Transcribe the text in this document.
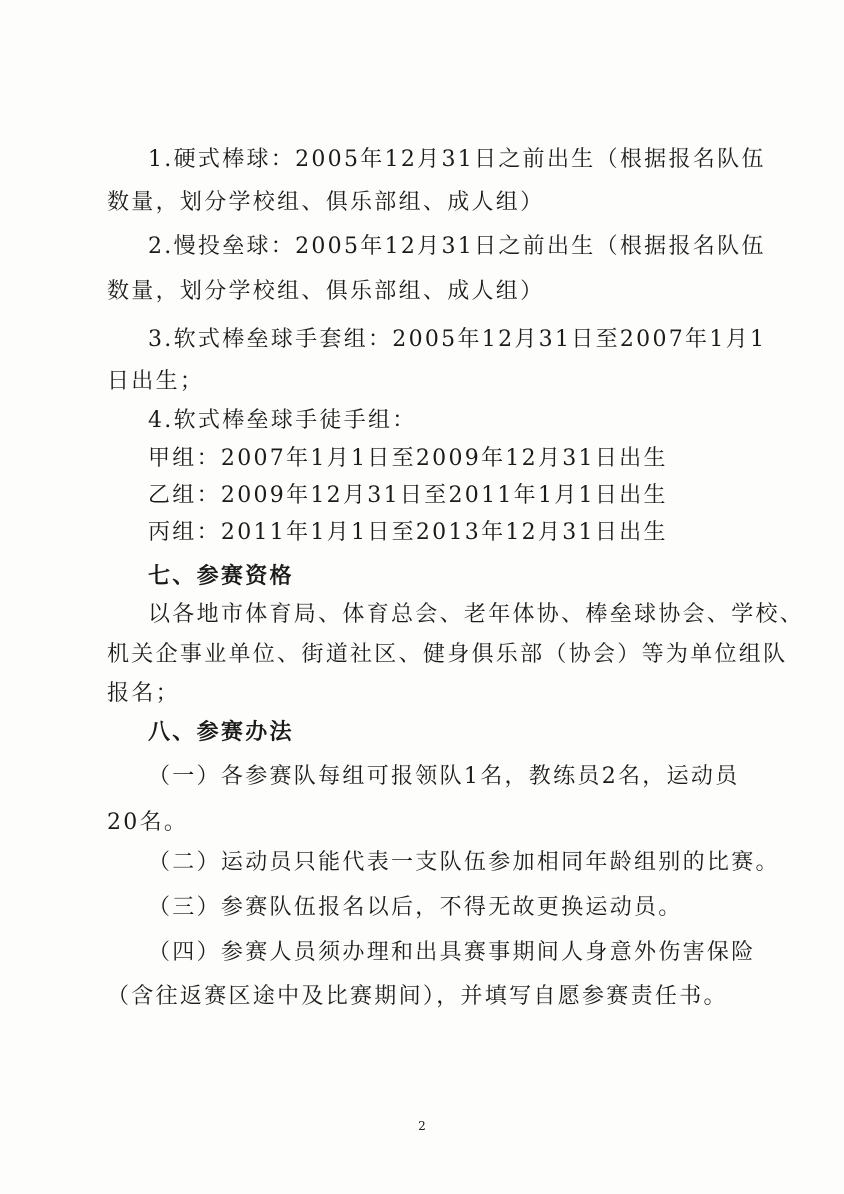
1.硬式棒球：2005年12月31日之前出生（根据报名队伍
数量，划分学校组、俱乐部组、成人组）
2.慢投垒球：2005年12月31日之前出生（根据报名队伍
数量，划分学校组、俱乐部组、成人组）
3.软式棒垒球手套组：2005年12月31日至2007年1月1
日出生；
4.软式棒垒球手徒手组：
甲组：2007年1月1日至2009年12月31日出生
乙组：2009年12月31日至2011年1月1日出生
丙组：2011年1月1日至2013年12月31日出生
七、参赛资格
以各地市体育局、体育总会、老年体协、棒垒球协会、学校、
机关企事业单位、街道社区、健身俱乐部（协会）等为单位组队
报名；
八、参赛办法
（一）各参赛队每组可报领队1名，教练员2名，运动员
20名。
（二）运动员只能代表一支队伍参加相同年龄组别的比赛。
（三）参赛队伍报名以后，不得无故更换运动员。
（四）参赛人员须办理和出具赛事期间人身意外伤害保险
（含往返赛区途中及比赛期间），并填写自愿参赛责任书。
2
